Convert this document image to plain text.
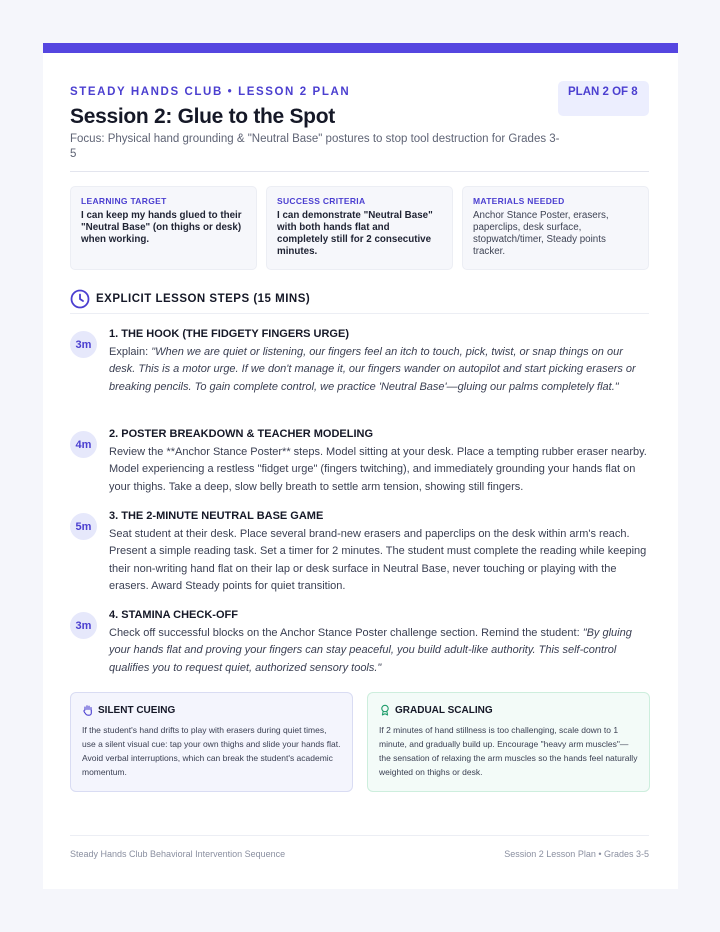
STEADY HANDS CLUB • LESSON 2 PLAN
Session 2: Glue to the Spot
Focus: Physical hand grounding & "Neutral Base" postures to stop tool destruction for Grades 3-5
PLAN 2 OF 8
LEARNING TARGET
I can keep my hands glued to their "Neutral Base" (on thighs or desk) when working.
SUCCESS CRITERIA
I can demonstrate "Neutral Base" with both hands flat and completely still for 2 consecutive minutes.
MATERIALS NEEDED
Anchor Stance Poster, erasers, paperclips, desk surface, stopwatch/timer, Steady points tracker.
EXPLICIT LESSON STEPS (15 MINS)
3m
1. THE HOOK (THE FIDGETY FINGERS URGE)
Explain: "When we are quiet or listening, our fingers feel an itch to touch, pick, twist, or snap things on our desk. This is a motor urge. If we don't manage it, our fingers wander on autopilot and start picking erasers or breaking pencils. To gain complete control, we practice 'Neutral Base'—gluing our palms completely flat."
4m
2. POSTER BREAKDOWN & TEACHER MODELING
Review the **Anchor Stance Poster** steps. Model sitting at your desk. Place a tempting rubber eraser nearby. Model experiencing a restless "fidget urge" (fingers twitching), and immediately grounding your hands flat on your thighs. Take a deep, slow belly breath to settle arm tension, showing still fingers.
5m
3. THE 2-MINUTE NEUTRAL BASE GAME
Seat student at their desk. Place several brand-new erasers and paperclips on the desk within arm's reach. Present a simple reading task. Set a timer for 2 minutes. The student must complete the reading while keeping their non-writing hand flat on their lap or desk surface in Neutral Base, never touching or playing with the erasers. Award Steady points for quiet transition.
3m
4. STAMINA CHECK-OFF
Check off successful blocks on the Anchor Stance Poster challenge section. Remind the student: "By gluing your hands flat and proving your fingers can stay peaceful, you build adult-like authority. This self-control qualifies you to request quiet, authorized sensory tools."
SILENT CUEING
If the student's hand drifts to play with erasers during quiet times, use a silent visual cue: tap your own thighs and slide your hands flat. Avoid verbal interruptions, which can break the student's academic momentum.
GRADUAL SCALING
If 2 minutes of hand stillness is too challenging, scale down to 1 minute, and gradually build up. Encourage "heavy arm muscles"—the sensation of relaxing the arm muscles so the hands feel naturally weighted on thighs or desk.
Steady Hands Club Behavioral Intervention Sequence	Session 2 Lesson Plan • Grades 3-5
